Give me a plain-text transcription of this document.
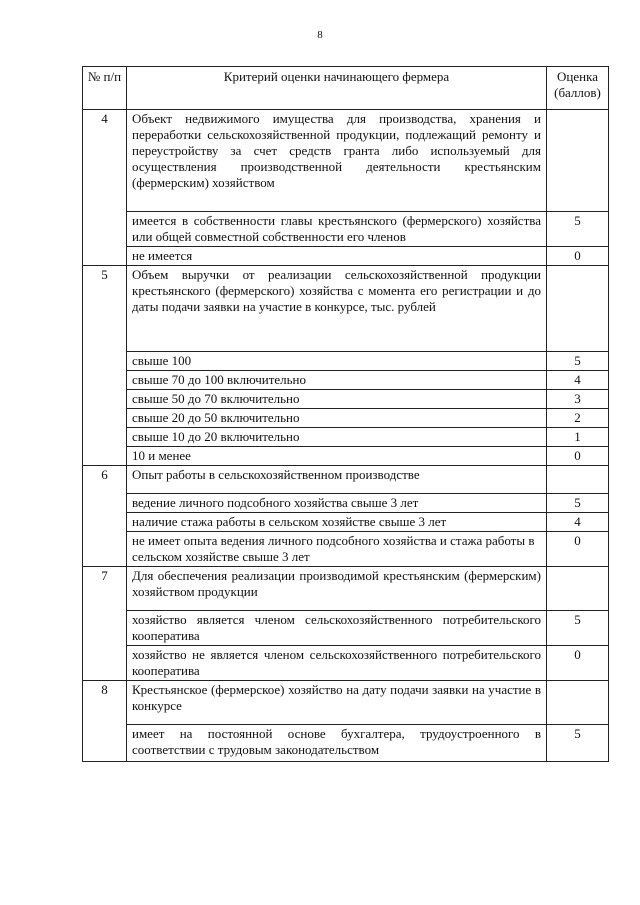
8
№ п/п	Критерий оценки начинающего фермера	Оценка (баллов)
4	Объект недвижимого имущества для производства, хранения и переработки сельскохозяйственной продукции, подлежащий ремонту и переустройству за счет средств гранта либо используемый для осуществления производственной деятельности крестьянским (фермерским) хозяйством	
	имеется в собственности главы крестьянского (фермерского) хозяйства или общей совместной собственности его членов	5
	не имеется	0
5	Объем выручки от реализации сельскохозяйственной продукции крестьянского (фермерского) хозяйства с момента его регистрации и до даты подачи заявки на участие в конкурсе, тыс. рублей	
	свыше 100	5
	свыше 70 до 100 включительно	4
	свыше 50 до 70 включительно	3
	свыше 20 до 50 включительно	2
	свыше 10 до 20 включительно	1
	10 и менее	0
6	Опыт работы в сельскохозяйственном производстве	
	ведение личного подсобного хозяйства свыше 3 лет	5
	наличие стажа работы в сельском хозяйстве свыше 3 лет	4
	не имеет опыта ведения личного подсобного хозяйства и стажа работы в сельском хозяйстве свыше 3 лет	0
7	Для обеспечения реализации производимой крестьянским (фермерским) хозяйством продукции	
	хозяйство является членом сельскохозяйственного потребительского кооператива	5
	хозяйство не является членом сельскохозяйственного потребительского кооператива	0
8	Крестьянское (фермерское) хозяйство на дату подачи заявки на участие в конкурсе	
	имеет на постоянной основе бухгалтера, трудоустроенного в соответствии с трудовым законодательством	5
